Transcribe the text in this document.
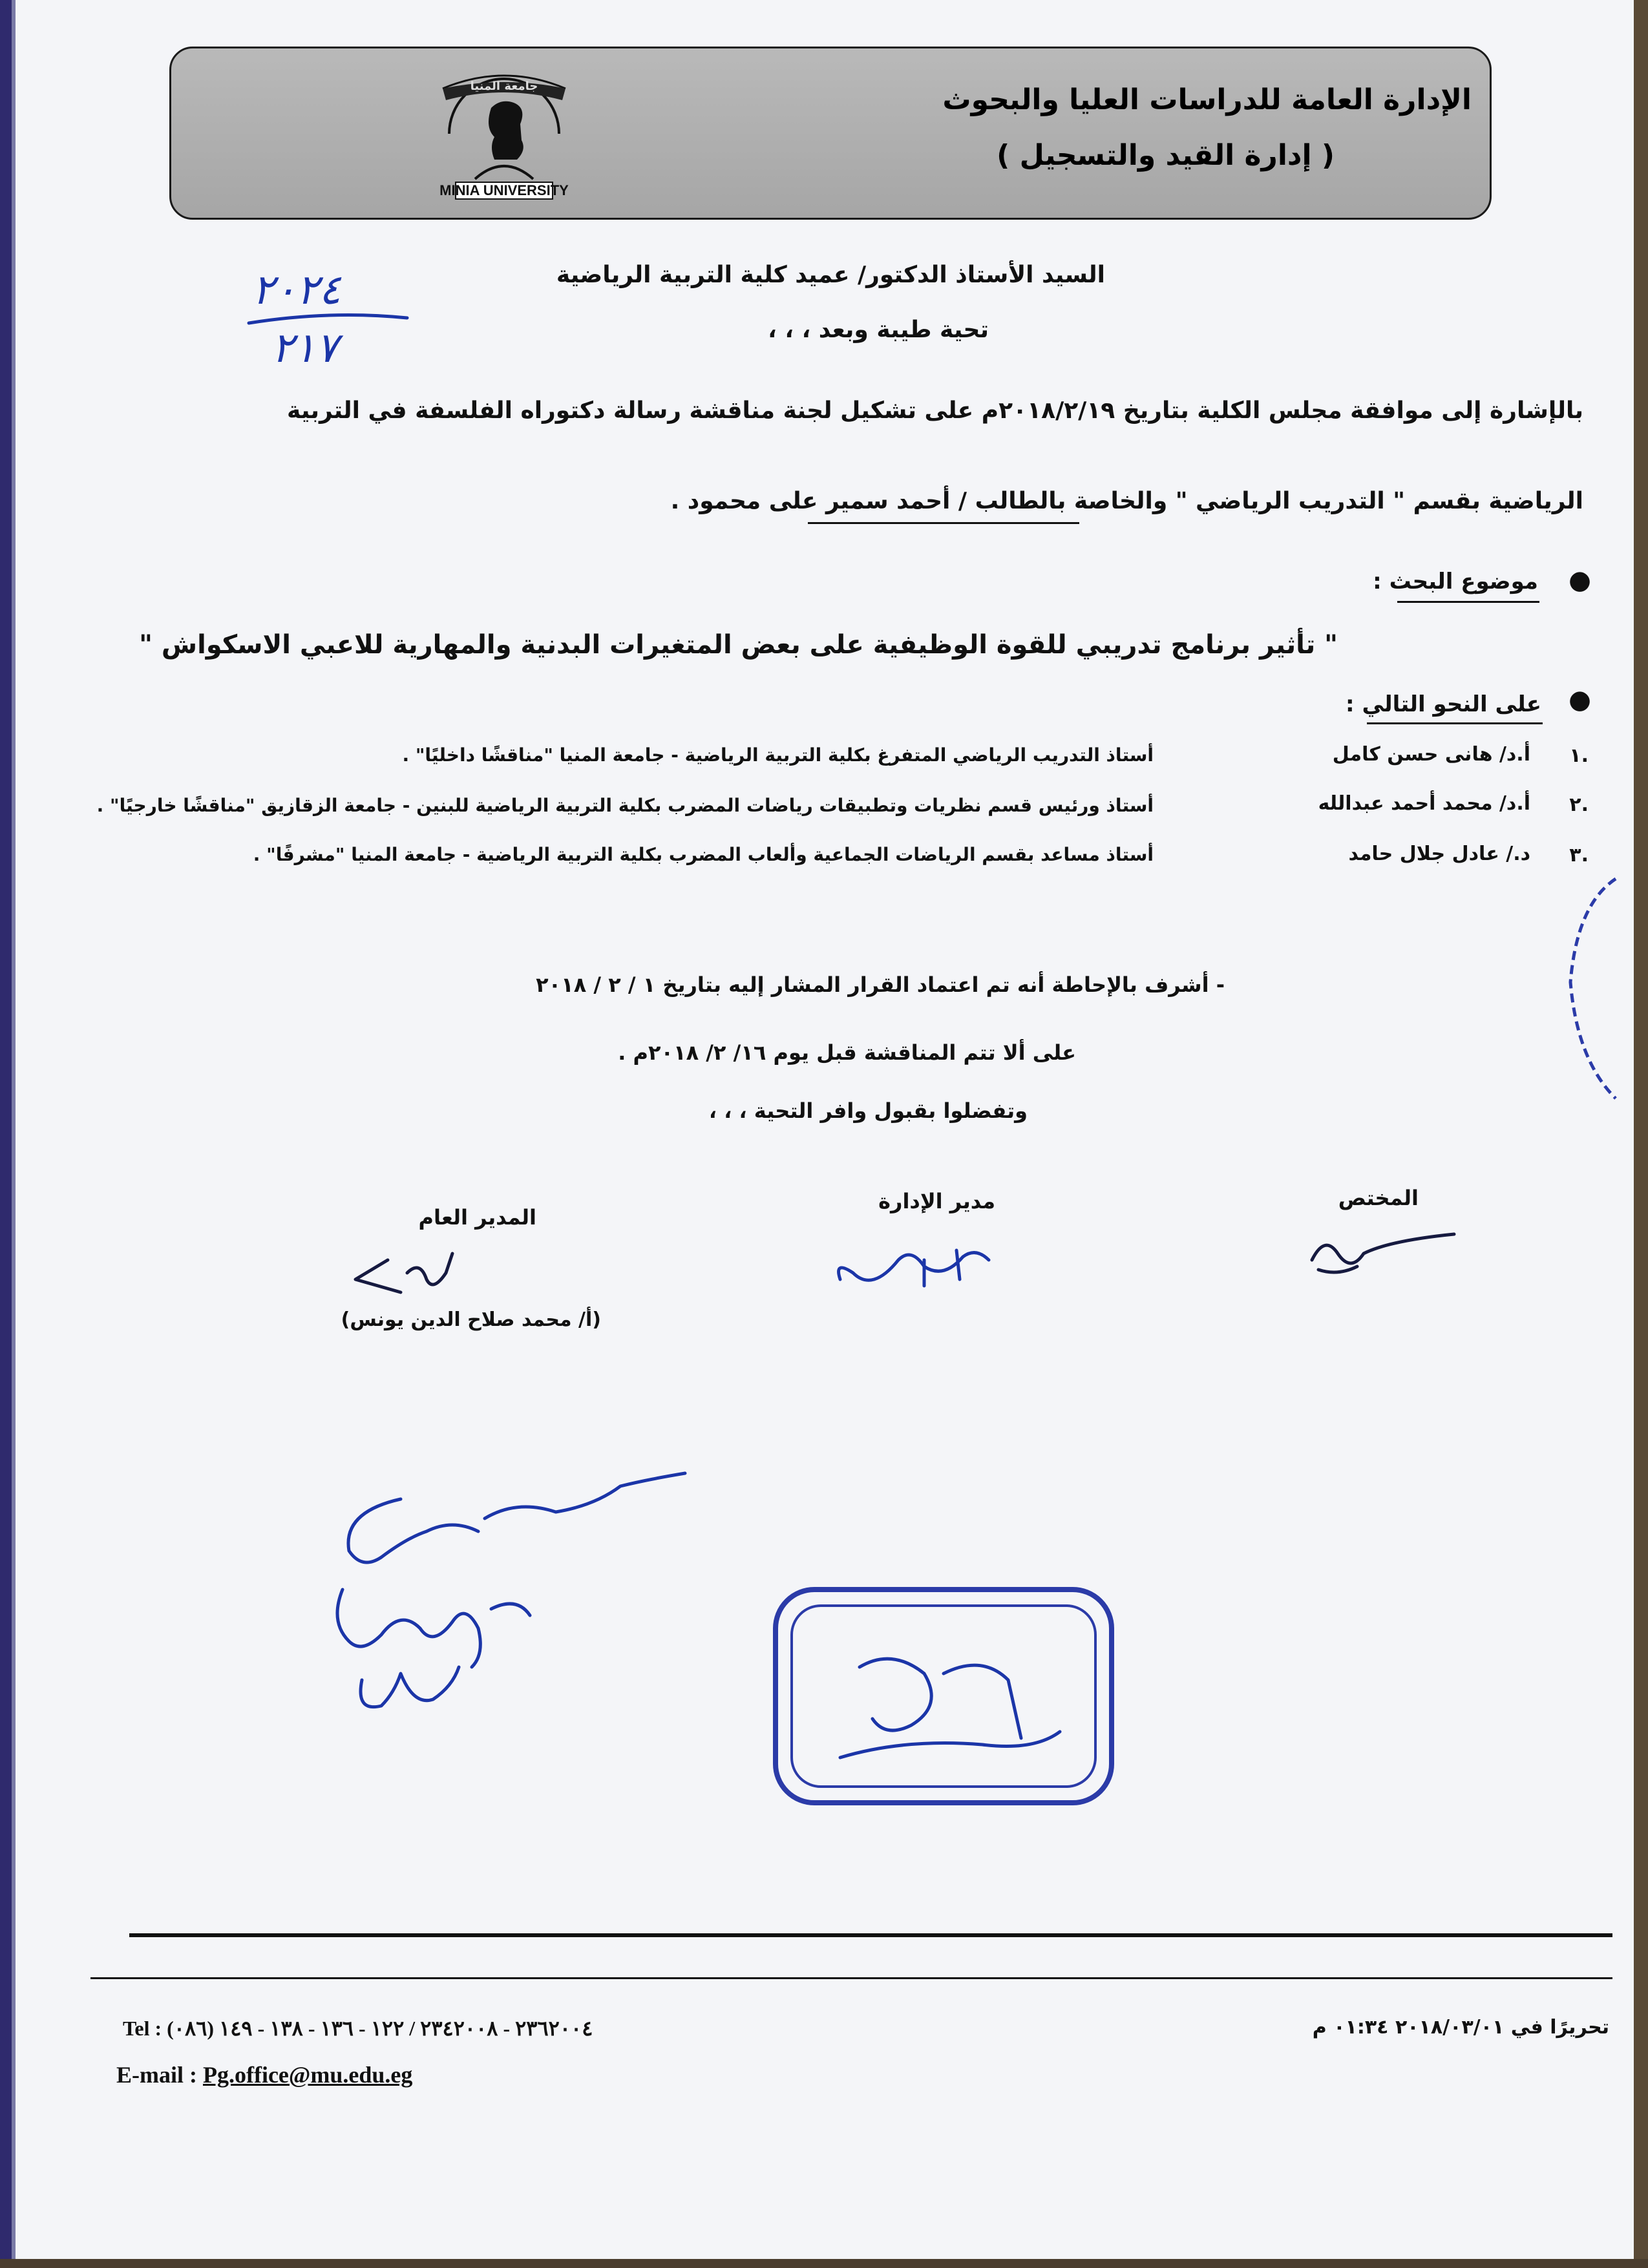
الإدارة العامة للدراسات العليا والبحوث
( إدارة القيد والتسجيل )
جامعة المنيا
MINIA UNIVERSITY
٢٠٢٤
٢١٧
السيد الأستاذ الدكتور/ عميد كلية التربية الرياضية
تحية طيبة وبعد ، ، ،
بالإشارة إلى موافقة مجلس الكلية بتاريخ ٢٠١٨/٢/١٩م على تشكيل لجنة مناقشة رسالة دكتوراه الفلسفة في التربية
الرياضية بقسم " التدريب الرياضي " والخاصة بالطالب / أحمد سمير على محمود .
●
موضوع البحث :
" تأثير برنامج تدريبي للقوة الوظيفية على بعض المتغيرات البدنية والمهارية للاعبي الاسكواش "
●
على النحو التالي :
١.
أ.د/ هانى حسن كامل
أستاذ التدريب الرياضي المتفرغ بكلية التربية الرياضية - جامعة المنيا "مناقشًا داخليًا" .
٢.
أ.د/ محمد أحمد عبدالله
أستاذ ورئيس قسم نظريات وتطبيقات رياضات المضرب بكلية التربية الرياضية للبنين - جامعة الزقازيق "مناقشًا خارجيًا" .
٣.
د./ عادل جلال حامد
أستاذ مساعد بقسم الرياضات الجماعية وألعاب المضرب بكلية التربية الرياضية - جامعة المنيا "مشرفًا" .
- أشرف بالإحاطة أنه تم اعتماد القرار المشار إليه بتاريخ ١ / ٢ / ٢٠١٨
على ألا تتم المناقشة قبل يوم ١٦/ ٢/ ٢٠١٨م .
وتفضلوا بقبول وافر التحية ، ، ،
المختص
مدير الإدارة
المدير العام
(أ/ محمد صلاح الدين يونس)
تحريرًا في ٢٠١٨/٠٣/٠١ ٠١:٣٤ م
Tel : (٠٨٦) ٢٣٦٢٠٠٤ - ٢٣٤٢٠٠٨ / ١٢٢ - ١٣٦ - ١٣٨ - ١٤٩
E-mail : Pg.office@mu.edu.eg
